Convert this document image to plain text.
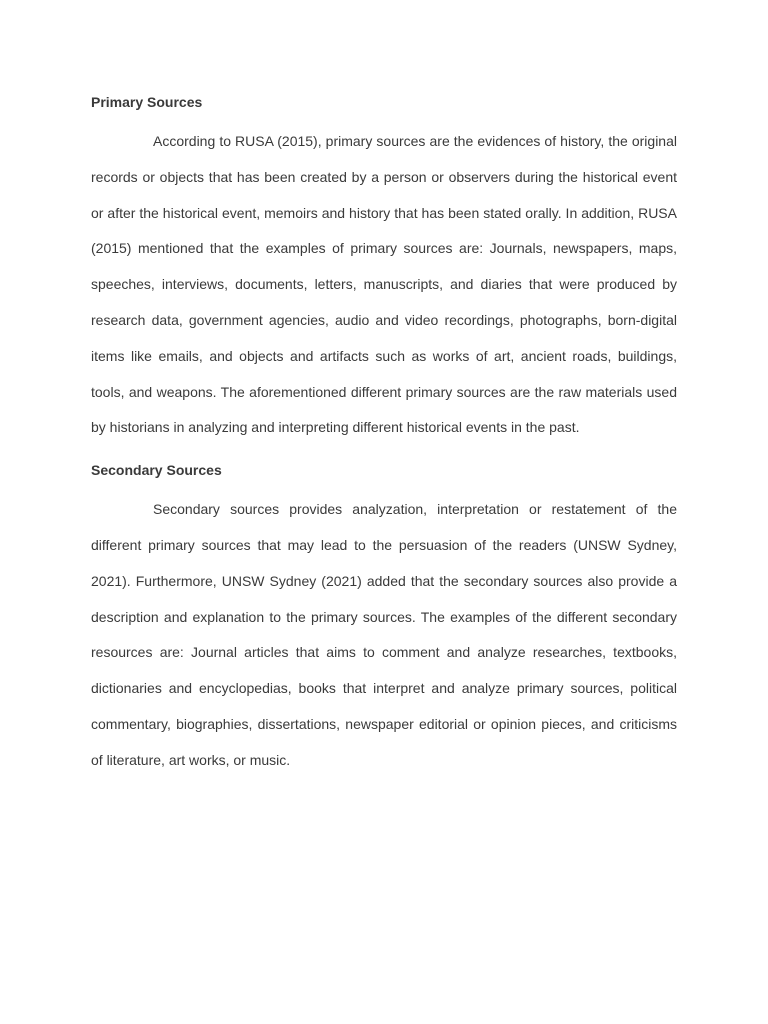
Primary Sources

According to RUSA (2015), primary sources are the evidences of history, the original records or objects that has been created by a person or observers during the historical event or after the historical event, memoirs and history that has been stated orally. In addition, RUSA (2015) mentioned that the examples of primary sources are: Journals, newspapers, maps, speeches, interviews, documents, letters, manuscripts, and diaries that were produced by research data, government agencies, audio and video recordings, photographs, born-digital items like emails, and objects and artifacts such as works of art, ancient roads, buildings, tools, and weapons. The aforementioned different primary sources are the raw materials used by historians in analyzing and interpreting different historical events in the past.

Secondary Sources

Secondary sources provides analyzation, interpretation or restatement of the different primary sources that may lead to the persuasion of the readers (UNSW Sydney, 2021). Furthermore, UNSW Sydney (2021) added that the secondary sources also provide a description and explanation to the primary sources. The examples of the different secondary resources are: Journal articles that aims to comment and analyze researches, textbooks, dictionaries and encyclopedias, books that interpret and analyze primary sources, political commentary, biographies, dissertations, newspaper editorial or opinion pieces, and criticisms of literature, art works, or music.
